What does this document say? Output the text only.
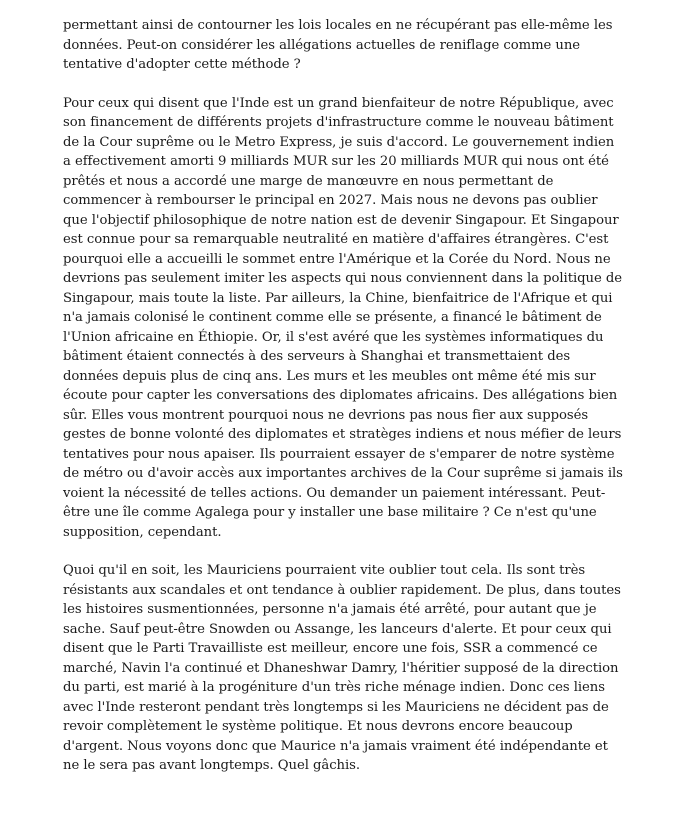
permettant ainsi de contourner les lois locales en ne récupérant pas elle-même les données. Peut-on considérer les allégations actuelles de reniflage comme une tentative d'adopter cette méthode ?

Pour ceux qui disent que l'Inde est un grand bienfaiteur de notre République, avec son financement de différents projets d'infrastructure comme le nouveau bâtiment de la Cour suprême ou le Metro Express, je suis d'accord. Le gouvernement indien a effectivement amorti 9 milliards MUR sur les 20 milliards MUR qui nous ont été prêtés et nous a accordé une marge de manœuvre en nous permettant de commencer à rembourser le principal en 2027. Mais nous ne devons pas oublier que l'objectif philosophique de notre nation est de devenir Singapour. Et Singapour est connue pour sa remarquable neutralité en matière d'affaires étrangères. C'est pourquoi elle a accueilli le sommet entre l'Amérique et la Corée du Nord. Nous ne devrions pas seulement imiter les aspects qui nous conviennent dans la politique de Singapour, mais toute la liste. Par ailleurs, la Chine, bienfaitrice de l'Afrique et qui n'a jamais colonisé le continent comme elle se présente, a financé le bâtiment de l'Union africaine en Éthiopie. Or, il s'est avéré que les systèmes informatiques du bâtiment étaient connectés à des serveurs à Shanghai et transmettaient des données depuis plus de cinq ans. Les murs et les meubles ont même été mis sur écoute pour capter les conversations des diplomates africains. Des allégations bien sûr. Elles vous montrent pourquoi nous ne devrions pas nous fier aux supposés gestes de bonne volonté des diplomates et stratèges indiens et nous méfier de leurs tentatives pour nous apaiser. Ils pourraient essayer de s'emparer de notre système de métro ou d'avoir accès aux importantes archives de la Cour suprême si jamais ils voient la nécessité de telles actions. Ou demander un paiement intéressant. Peut-être une île comme Agalega pour y installer une base militaire ? Ce n'est qu'une supposition, cependant.

Quoi qu'il en soit, les Mauriciens pourraient vite oublier tout cela. Ils sont très résistants aux scandales et ont tendance à oublier rapidement. De plus, dans toutes les histoires susmentionnées, personne n'a jamais été arrêté, pour autant que je sache. Sauf peut-être Snowden ou Assange, les lanceurs d'alerte. Et pour ceux qui disent que le Parti Travailliste est meilleur, encore une fois, SSR a commencé ce marché, Navin l'a continué et Dhaneshwar Damry, l'héritier supposé de la direction du parti, est marié à la progéniture d'un très riche ménage indien. Donc ces liens avec l'Inde resteront pendant très longtemps si les Mauriciens ne décident pas de revoir complètement le système politique. Et nous devrons encore beaucoup d'argent. Nous voyons donc que Maurice n'a jamais vraiment été indépendante et ne le sera pas avant longtemps. Quel gâchis.
